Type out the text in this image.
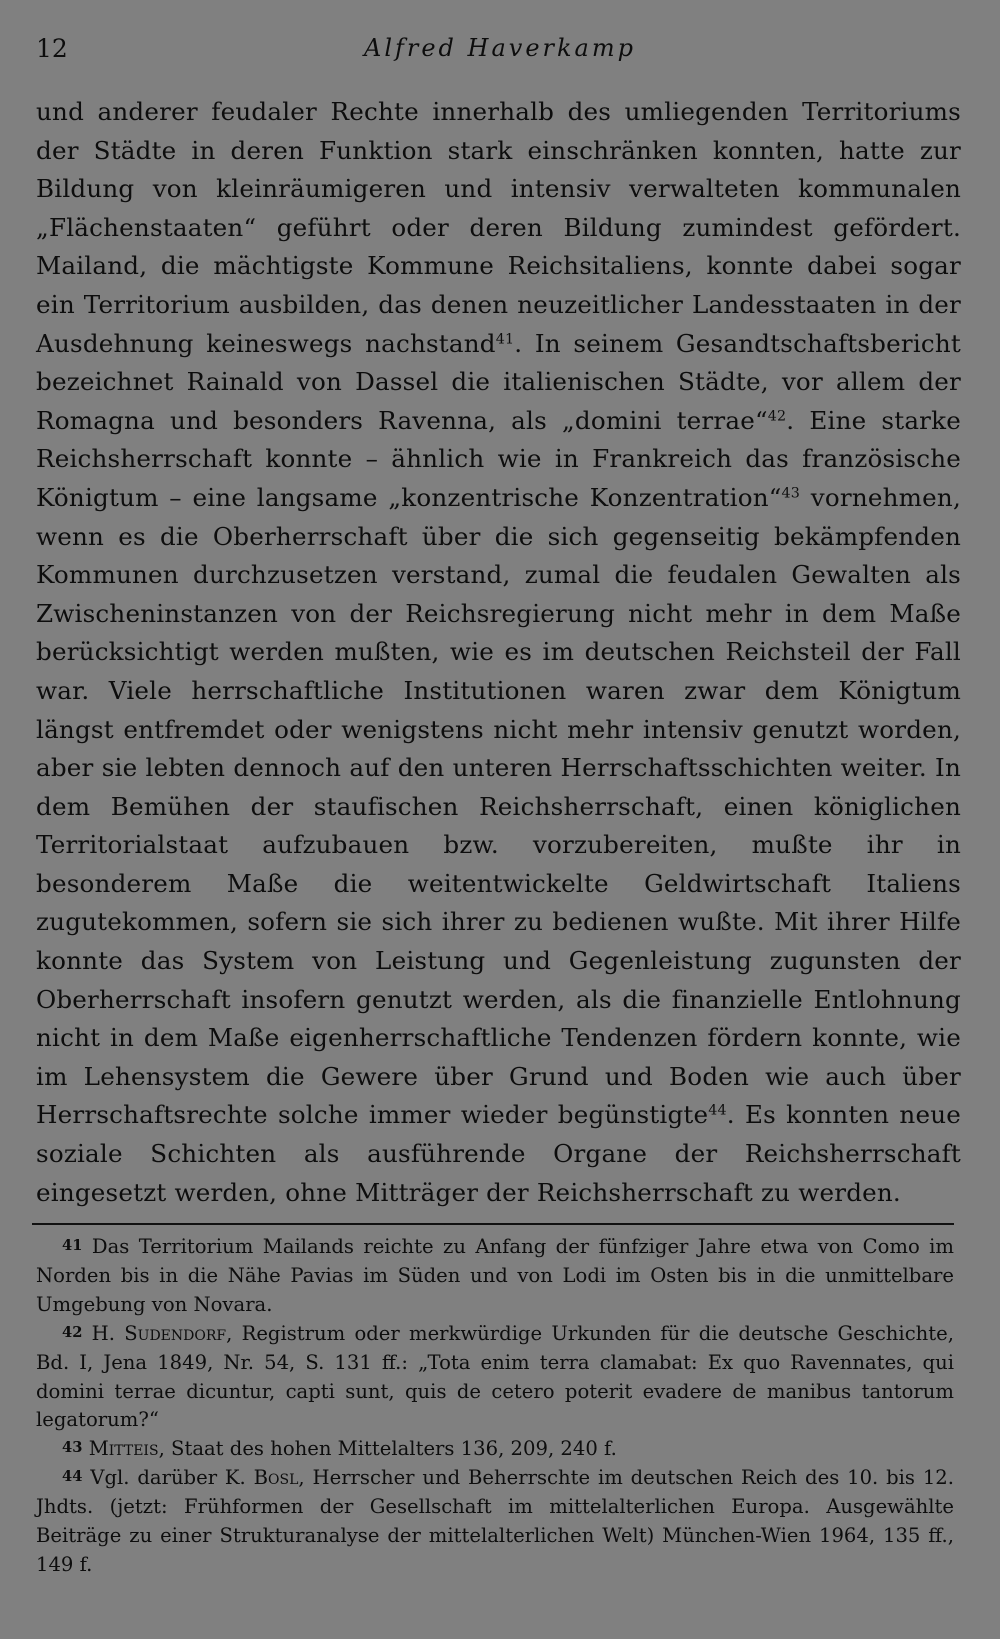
12	Alfred Haverkamp

und anderer feudaler Rechte innerhalb des umliegenden Territoriums der Städte in deren Funktion stark einschränken konnten, hatte zur Bildung von kleinräumigeren und intensiv verwalteten kommunalen „Flächenstaaten“ geführt oder deren Bildung zumindest gefördert. Mailand, die mächtigste Kommune Reichsitaliens, konnte dabei sogar ein Territorium ausbilden, das denen neuzeitlicher Landesstaaten in der Ausdehnung keineswegs nachstand$^{41}$. In seinem Gesandtschaftsbericht bezeichnet Rainald von Dassel die italienischen Städte, vor allem der Romagna und besonders Ravenna, als „domini terrae“$^{42}$. Eine starke Reichsherrschaft konnte – ähnlich wie in Frankreich das französische Königtum – eine langsame „konzentrische Konzentration“$^{43}$ vornehmen, wenn es die Oberherrschaft über die sich gegenseitig bekämpfenden Kommunen durchzusetzen verstand, zumal die feudalen Gewalten als Zwischeninstanzen von der Reichsregierung nicht mehr in dem Maße berücksichtigt werden mußten, wie es im deutschen Reichsteil der Fall war. Viele herrschaftliche Institutionen waren zwar dem Königtum längst entfremdet oder wenigstens nicht mehr intensiv genutzt worden, aber sie lebten dennoch auf den unteren Herrschaftsschichten weiter. In dem Bemühen der staufischen Reichsherrschaft, einen königlichen Territorialstaat aufzubauen bzw. vorzubereiten, mußte ihr in besonderem Maße die weitentwickelte Geldwirtschaft Italiens zugutekommen, sofern sie sich ihrer zu bedienen wußte. Mit ihrer Hilfe konnte das System von Leistung und Gegenleistung zugunsten der Oberherrschaft insofern genutzt werden, als die finanzielle Entlohnung nicht in dem Maße eigenherrschaftliche Tendenzen fördern konnte, wie im Lehensystem die Gewere über Grund und Boden wie auch über Herrschaftsrechte solche immer wieder begünstigte$^{44}$. Es konnten neue soziale Schichten als ausführende Organe der Reichsherrschaft eingesetzt werden, ohne Mitträger der Reichsherrschaft zu werden.

$^{41}$ Das Territorium Mailands reichte zu Anfang der fünfziger Jahre etwa von Como im Norden bis in die Nähe Pavias im Süden und von Lodi im Osten bis in die unmittelbare Umgebung von Novara.

$^{42}$ H. Sudendorf, Registrum oder merkwürdige Urkunden für die deutsche Geschichte, Bd. I, Jena 1849, Nr. 54, S. 131 ff.: „Tota enim terra clamabat: Ex quo Ravennates, qui domini terrae dicuntur, capti sunt, quis de cetero poterit evadere de manibus tantorum legatorum?“

$^{43}$ Mitteis, Staat des hohen Mittelalters 136, 209, 240 f.

$^{44}$ Vgl. darüber K. Bosl, Herrscher und Beherrschte im deutschen Reich des 10. bis 12. Jhdts. (jetzt: Frühformen der Gesellschaft im mittelalterlichen Europa. Ausgewählte Beiträge zu einer Strukturanalyse der mittelalterlichen Welt) München-Wien 1964, 135 ff., 149 f.
